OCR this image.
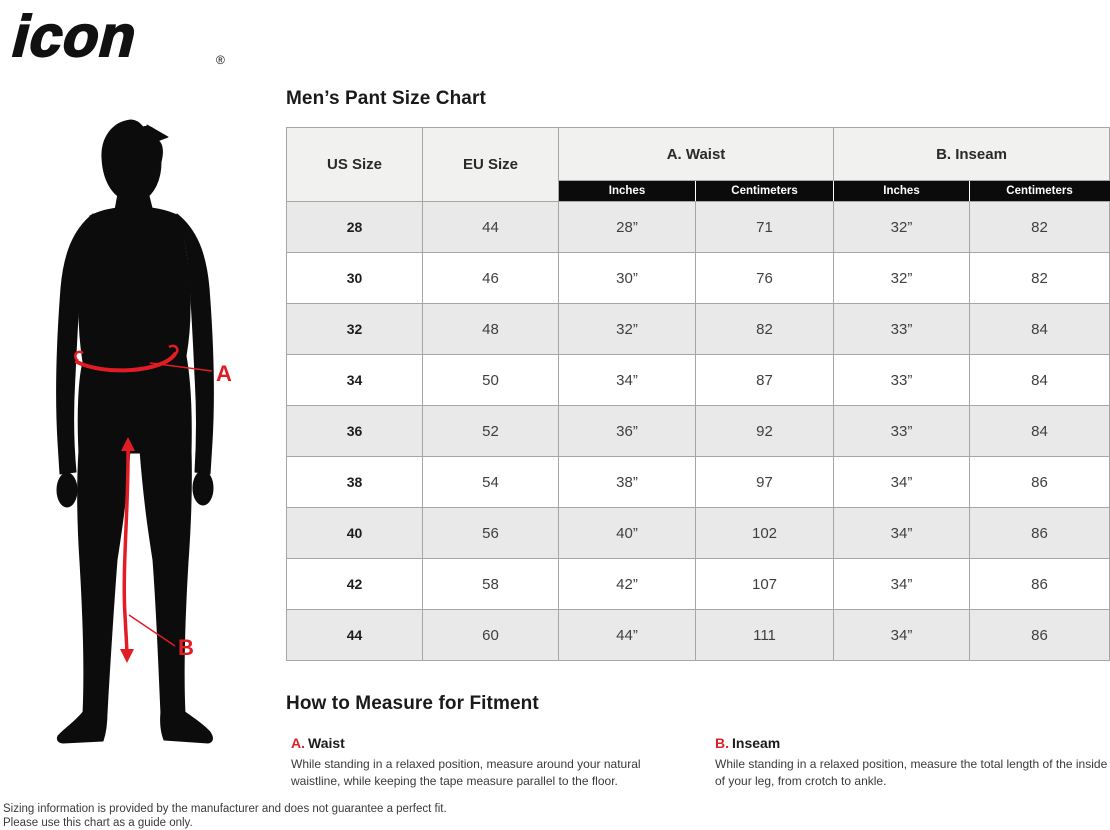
icon	®
A
B
Men’s Pant Size Chart
US Size	EU Size	A. Waist		B. Inseam	
		Inches	Centimeters	Inches	Centimeters
28	44	28”	71	32”	82
30	46	30”	76	32”	82
32	48	32”	82	33”	84
34	50	34”	87	33”	84
36	52	36”	92	33”	84
38	54	38”	97	34”	86
40	56	40”	102	34”	86
42	58	42”	107	34”	86
44	60	44”	111	34”	86
How to Measure for Fitment
A. Waist

While standing in a relaxed position, measure around your natural waistline, while keeping the tape measure parallel to the floor.

B. Inseam

While standing in a relaxed position, measure the total length of the inside of your leg, from crotch to ankle.

Sizing information is provided by the manufacturer and does not guarantee a perfect fit.
Please use this chart as a guide only.
